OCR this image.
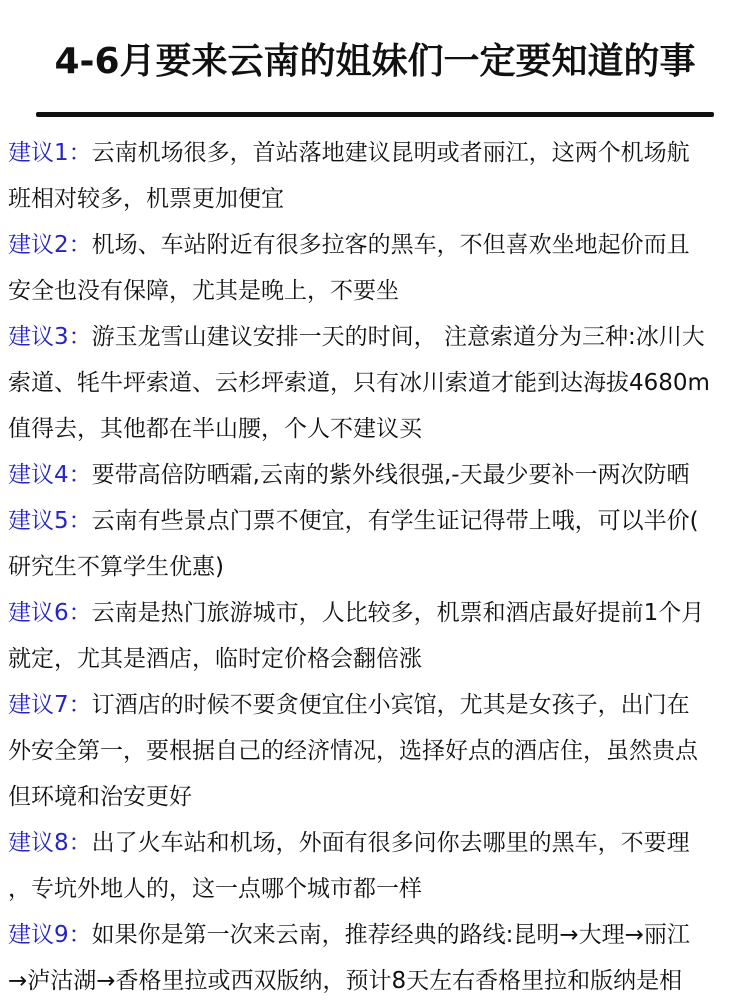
4-6月要来云南的姐妹们一定要知道的事
建议1：云南机场很多，首站落地建议昆明或者丽江，这两个机场航
班相对较多，机票更加便宜
建议2：机场、车站附近有很多拉客的黑车，不但喜欢坐地起价而且
安全也没有保障，尤其是晚上，不要坐
建议3：游玉龙雪山建议安排一天的时间， 注意索道分为三种:冰川大
索道、牦牛坪索道、云杉坪索道，只有冰川索道才能到达海拔4680m
值得去，其他都在半山腰，个人不建议买
建议4：要带高倍防晒霜,云南的紫外线很强,-天最少要补一两次防晒
建议5：云南有些景点门票不便宜，有学生证记得带上哦，可以半价(
研究生不算学生优惠)
建议6：云南是热门旅游城市，人比较多，机票和酒店最好提前1个月
就定，尤其是酒店，临时定价格会翻倍涨
建议7：订酒店的时候不要贪便宜住小宾馆，尤其是女孩子，出门在
外安全第一，要根据自己的经济情况，选择好点的酒店住，虽然贵点
但环境和治安更好
建议8：出了火车站和机场，外面有很多问你去哪里的黑车，不要理
，专坑外地人的，这一点哪个城市都一样
建议9：如果你是第一次来云南，推荐经典的路线:昆明→大理→丽江
→泸沽湖→香格里拉或西双版纳，预计8天左右香格里拉和版纳是相
